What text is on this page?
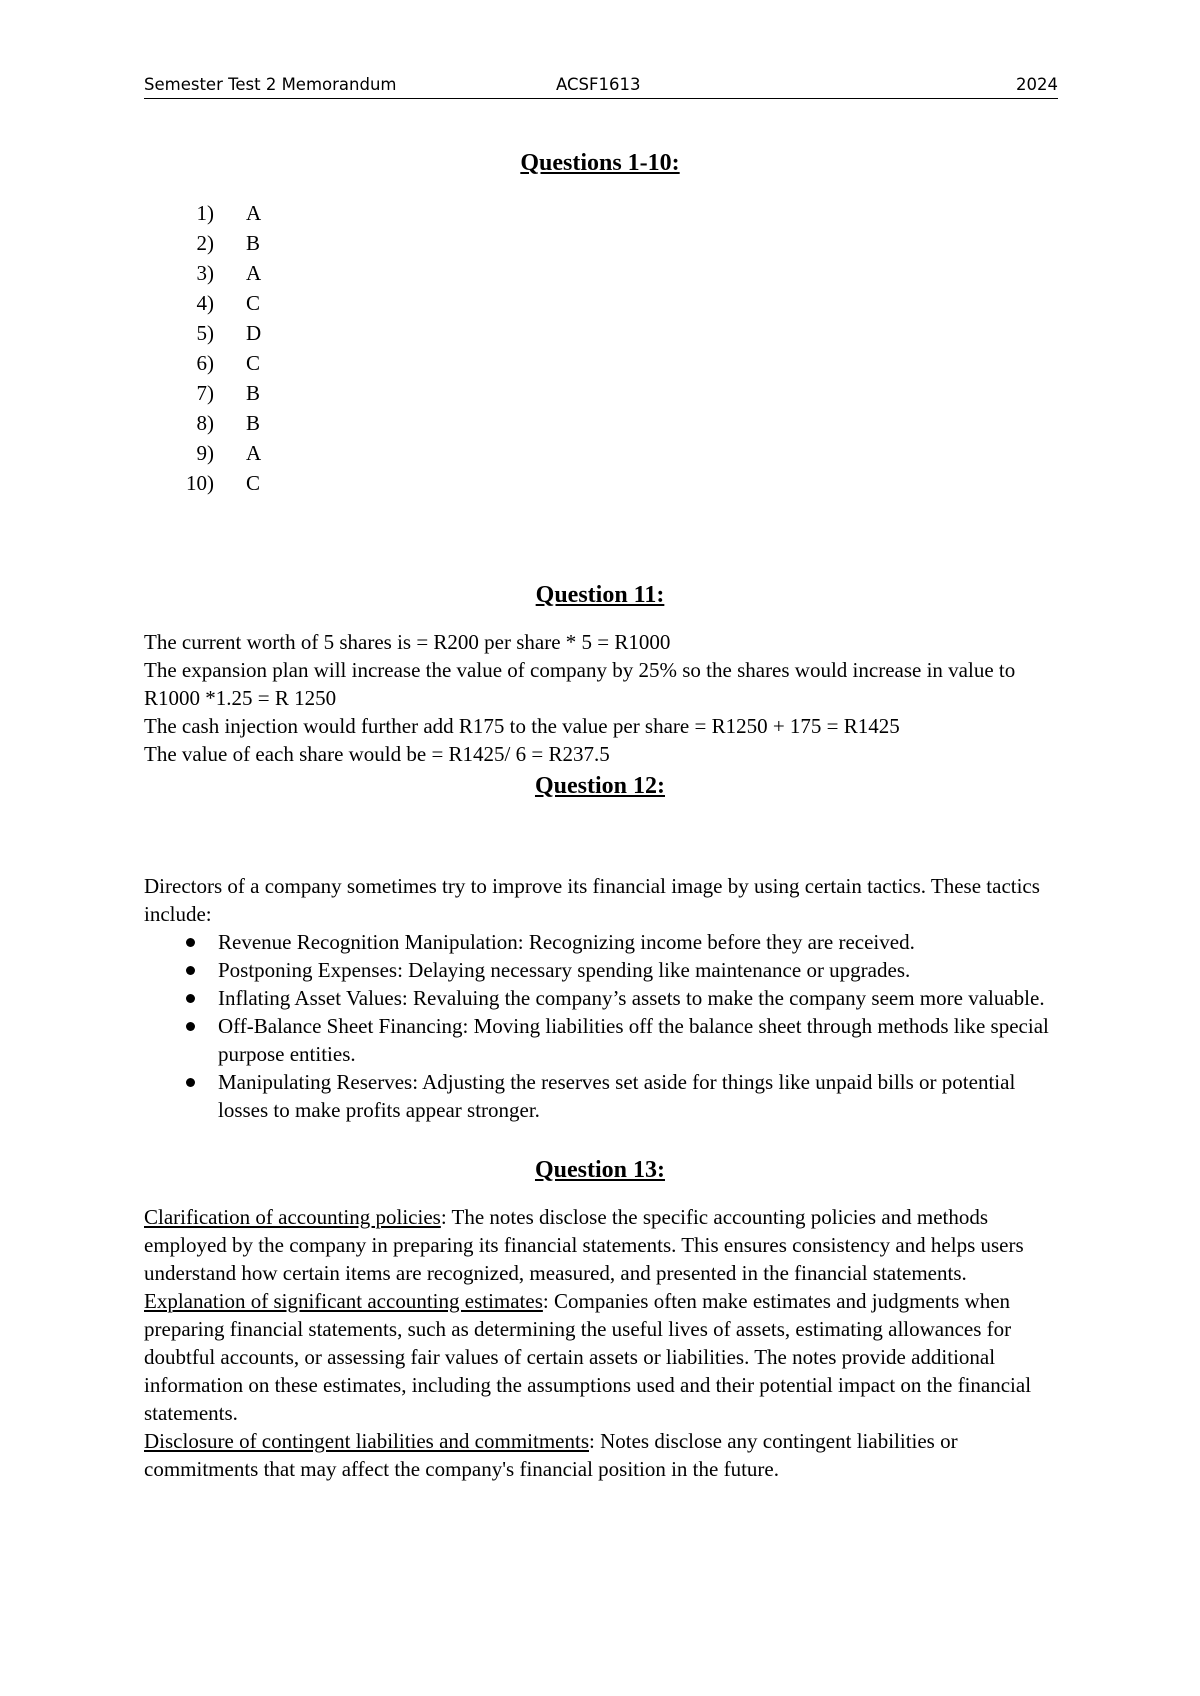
Semester Test 2 Memorandum	ACSF1613	2024
Questions 1-10:
1) A
2) B
3) A
4) C
5) D
6) C
7) B
8) B
9) A
10) C
Question 11:

The current worth of 5 shares is = R200 per share * 5 = R1000

The expansion plan will increase the value of company by 25% so the shares would increase in value to R1000 *1.25 = R 1250

The cash injection would further add R175 to the value per share = R1250 + 175 = R1425

The value of each share would be = R1425/ 6 = R237.5

Question 12:

Directors of a company sometimes try to improve its financial image by using certain tactics. These tactics include:

Revenue Recognition Manipulation: Recognizing income before they are received.
Postponing Expenses: Delaying necessary spending like maintenance or upgrades.
Inflating Asset Values: Revaluing the company’s assets to make the company seem more valuable.
Off-Balance Sheet Financing: Moving liabilities off the balance sheet through methods like special purpose entities.
Manipulating Reserves: Adjusting the reserves set aside for things like unpaid bills or potential losses to make profits appear stronger.
Question 13:

Clarification of accounting policies: The notes disclose the specific accounting policies and methods employed by the company in preparing its financial statements. This ensures consistency and helps users understand how certain items are recognized, measured, and presented in the financial statements.

Explanation of significant accounting estimates: Companies often make estimates and judgments when preparing financial statements, such as determining the useful lives of assets, estimating allowances for doubtful accounts, or assessing fair values of certain assets or liabilities. The notes provide additional information on these estimates, including the assumptions used and their potential impact on the financial statements.

Disclosure of contingent liabilities and commitments: Notes disclose any contingent liabilities or commitments that may affect the company's financial position in the future.
